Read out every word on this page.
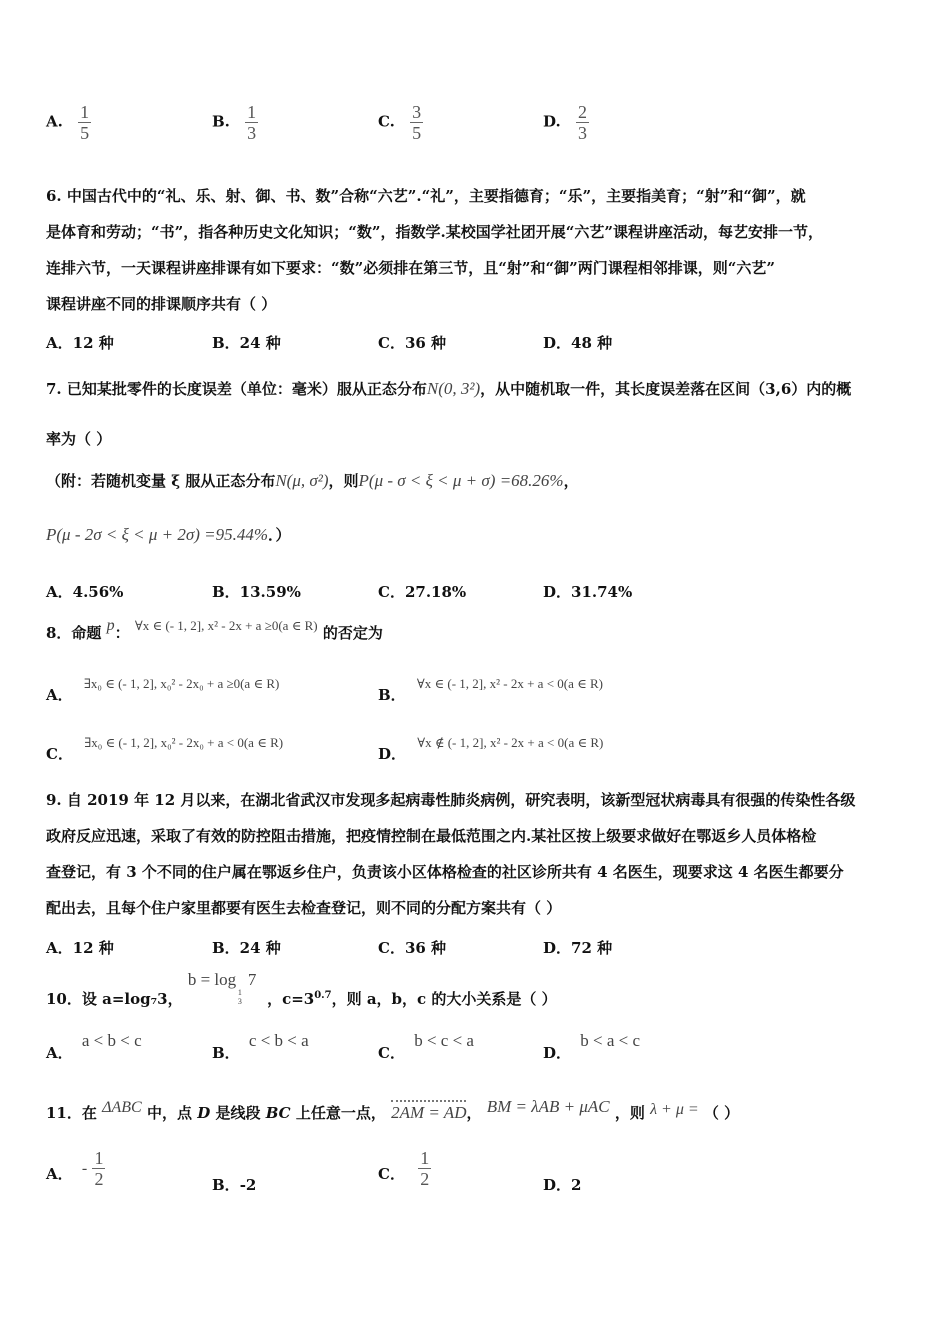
A. $\frac{1}{5}$	B. $\frac{1}{3}$	C. $\frac{3}{5}$	D. $\frac{2}{3}$
6. 中国古代中的“礼、乐、射、御、书、数”合称“六艺”.“礼”，主要指德育；“乐”，主要指美育；“射”和“御”，就
是体育和劳动；“书”，指各种历史文化知识；“数”，指数学.某校国学社团开展“六艺”课程讲座活动，每艺安排一节，
连排六节，一天课程讲座排课有如下要求：“数”必须排在第三节，且“射”和“御”两门课程相邻排课，则“六艺”
课程讲座不同的排课顺序共有（ ）
A．12 种	B．24 种	C．36 种	D．48 种
7. 已知某批零件的长度误差（单位：毫米）服从正态分布N(0, 3²)，从中随机取一件，其长度误差落在区间（3,6）内的概
率为（ ）
（附：若随机变量 ξ 服从正态分布N(μ, σ²)，则P(μ - σ < ξ < μ + σ) =68.26%，
P(μ - 2σ < ξ < μ + 2σ) =95.44%．）
A．4.56%	B．13.59%	C．27.18%	D．31.74%
8．命题 p： ∀x ∈ (- 1, 2], x² - 2x + a ≥0(a ∈ R) 的否定为
A． ∃x₀ ∈ (- 1, 2], x₀² - 2x₀ + a ≥0(a ∈ R)
B． ∀x ∈ (- 1, 2], x² - 2x + a < 0(a ∈ R)
C． ∃x₀ ∈ (- 1, 2], x₀² - 2x₀ + a < 0(a ∈ R)
D． ∀x ∉ (- 1, 2], x² - 2x + a < 0(a ∈ R)
9. 自 2019 年 12 月以来，在湖北省武汉市发现多起病毒性肺炎病例，研究表明，该新型冠状病毒具有很强的传染性各级
政府反应迅速，采取了有效的防控阻击措施，把疫情控制在最低范围之内.某社区按上级要求做好在鄂返乡人员体格检
查登记，有 3 个不同的住户属在鄂返乡住户，负责该小区体格检查的社区诊所共有 4 名医生，现要求这 4 名医生都要分
配出去，且每个住户家里都要有医生去检查登记，则不同的分配方案共有（ ）
A．12 种	B．24 种	C．36 种	D．72 种
10．设 a=log₇3，
b = log 7
1
3 ，$c=3^{0.7}$，则 a，b，c 的大小关系是（ ）
A． a < b < c
B． c < b < a
C． b < c < a
D． b < a < c
11．在 ΔABC 中，点 D 是线段 BC 上任意一点， 2AM = AD， BM = λAB + μAC ，则 λ + μ = （ ）
A． - $\frac{1}{2}$	B．-2
C． $\frac{1}{2}$	D．2
